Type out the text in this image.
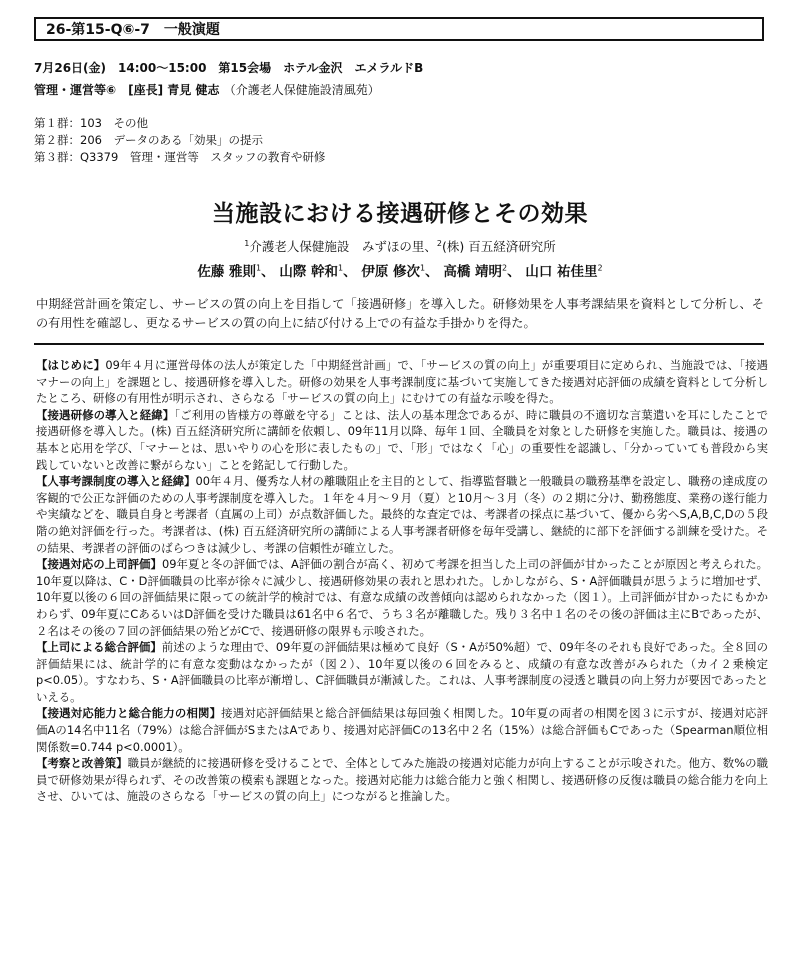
26-第15-Q⑥-7　一般演題
7月26日(金)　14:00～15:00　第15会場　ホテル金沢　エメラルドB
管理・運営等⑥　[座長] 青見 健志 （介護老人保健施設清風苑）
第１群：103　その他
第２群：206　データのある「効果」の提示
第３群：Q3379　管理・運営等　スタッフの教育や研修
当施設における接遇研修とその効果
$^1$介護老人保健施設　みずほの里、$^2$(株) 百五経済研究所
佐藤 雅則$^1$、 山際 幹和$^1$、 伊原 修次$^1$、 高橋 靖明$^2$、 山口 祐佳里$^2$
中期経営計画を策定し、サービスの質の向上を目指して「接遇研修」を導入した。研修効果を人事考課結果を資料として分析し、その有用性を確認し、更なるサービスの質の向上に結び付ける上での有益な手掛かりを得た。

【はじめに】09年４月に運営母体の法人が策定した「中期経営計画」で、「サービスの質の向上」が重要項目に定められ、当施設では、「接遇マナーの向上」を課題とし、接遇研修を導入した。研修の効果を人事考課制度に基づいて実施してきた接遇対応評価の成績を資料として分析したところ、研修の有用性が明示され、さらなる「サービスの質の向上」にむけての有益な示唆を得た。

【接遇研修の導入と経緯】「ご利用の皆様方の尊厳を守る」ことは、法人の基本理念であるが、時に職員の不適切な言葉遣いを耳にしたことで接遇研修を導入した。(株) 百五経済研究所に講師を依頼し、09年11月以降、毎年１回、全職員を対象とした研修を実施した。職員は、接遇の基本と応用を学び、「マナーとは、思いやりの心を形に表したもの」で、「形」ではなく「心」の重要性を認識し、「分かっていても普段から実践していないと改善に繋がらない」ことを銘記して行動した。

【人事考課制度の導入と経緯】00年４月、優秀な人材の離職阻止を主目的として、指導監督職と一般職員の職務基準を設定し、職務の達成度の客観的で公正な評価のための人事考課制度を導入した。１年を４月～９月（夏）と10月～３月（冬）の２期に分け、勤務態度、業務の遂行能力や実績などを、職員自身と考課者（直属の上司）が点数評価した。最終的な査定では、考課者の採点に基づいて、優から劣へS,A,B,C,Dの５段階の絶対評価を行った。考課者は、(株) 百五経済研究所の講師による人事考課者研修を毎年受講し、継続的に部下を評価する訓練を受けた。その結果、考課者の評価のばらつきは減少し、考課の信頼性が確立した。

【接遇対応の上司評価】09年夏と冬の評価では、A評価の割合が高く、初めて考課を担当した上司の評価が甘かったことが原因と考えられた。10年夏以降は、C・D評価職員の比率が徐々に減少し、接遇研修効果の表れと思われた。しかしながら、S・A評価職員が思うように増加せず、10年夏以後の６回の評価結果に限っての統計学的検討では、有意な成績の改善傾向は認められなかった（図１）。上司評価が甘かったにもかかわらず、09年夏にCあるいはD評価を受けた職員は61名中６名で、うち３名が離職した。残り３名中１名のその後の評価は主にBであったが、２名はその後の７回の評価結果の殆どがCで、接遇研修の限界も示唆された。

【上司による総合評価】前述のような理由で、09年夏の評価結果は極めて良好（S・Aが50%超）で、09年冬のそれも良好であった。全８回の評価結果には、統計学的に有意な変動はなかったが（図２）、10年夏以後の６回をみると、成績の有意な改善がみられた（カイ２乗検定 p<0.05）。すなわち、S・A評価職員の比率が漸増し、C評価職員が漸減した。これは、人事考課制度の浸透と職員の向上努力が要因であったといえる。

【接遇対応能力と総合能力の相関】接遇対応評価結果と総合評価結果は毎回強く相関した。10年夏の両者の相関を図３に示すが、接遇対応評価Aの14名中11名（79%）は総合評価がSまたはAであり、接遇対応評価Cの13名中２名（15%）は総合評価もCであった（Spearman順位相関係数=0.744 p<0.0001）。

【考察と改善策】職員が継続的に接遇研修を受けることで、全体としてみた施設の接遇対応能力が向上することが示唆された。他方、数%の職員で研修効果が得られず、その改善策の模索も課題となった。接遇対応能力は総合能力と強く相関し、接遇研修の反復は職員の総合能力を向上させ、ひいては、施設のさらなる「サービスの質の向上」につながると推論した。
